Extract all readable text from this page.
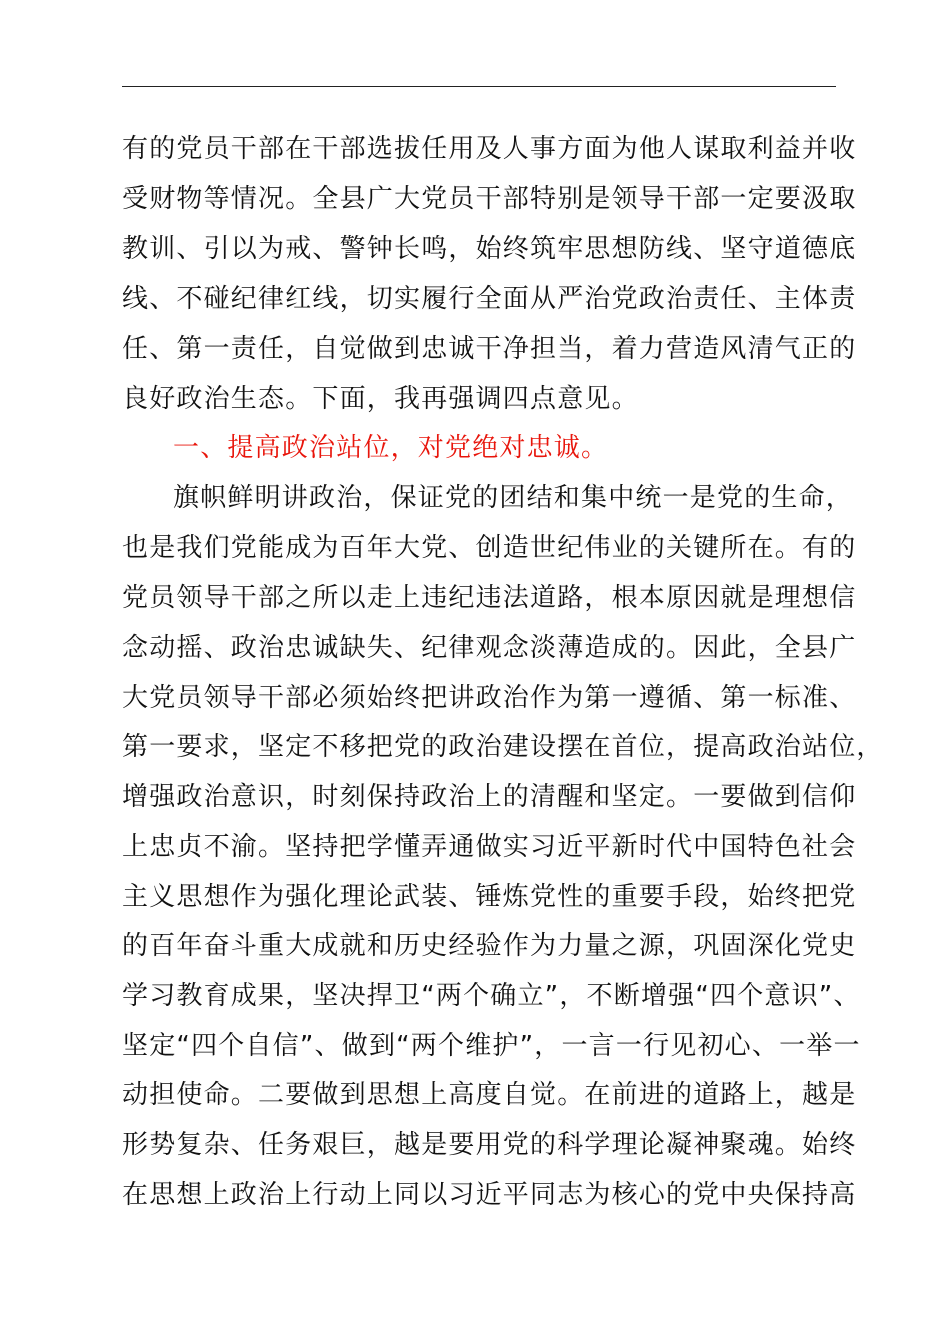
有的党员干部在干部选拔任用及人事方面为他人谋取利益并收
受财物等情况。全县广大党员干部特别是领导干部一定要汲取
教训、引以为戒、警钟长鸣，始终筑牢思想防线、坚守道德底
线、不碰纪律红线，切实履行全面从严治党政治责任、主体责
任、第一责任，自觉做到忠诚干净担当，着力营造风清气正的
良好政治生态。下面，我再强调四点意见。
一、提高政治站位，对党绝对忠诚。
旗帜鲜明讲政治，保证党的团结和集中统一是党的生命，
也是我们党能成为百年大党、创造世纪伟业的关键所在。有的
党员领导干部之所以走上违纪违法道路，根本原因就是理想信
念动摇、政治忠诚缺失、纪律观念淡薄造成的。因此，全县广
大党员领导干部必须始终把讲政治作为第一遵循、第一标准、
第一要求，坚定不移把党的政治建设摆在首位，提高政治站位，
增强政治意识，时刻保持政治上的清醒和坚定。一要做到信仰
上忠贞不渝。坚持把学懂弄通做实习近平新时代中国特色社会
主义思想作为强化理论武装、锤炼党性的重要手段，始终把党
的百年奋斗重大成就和历史经验作为力量之源，巩固深化党史
学习教育成果，坚决捍卫“两个确立”，不断增强“四个意识”、
坚定“四个自信”、做到“两个维护”，一言一行见初心、一举一
动担使命。二要做到思想上高度自觉。在前进的道路上，越是
形势复杂、任务艰巨，越是要用党的科学理论凝神聚魂。始终
在思想上政治上行动上同以习近平同志为核心的党中央保持高
